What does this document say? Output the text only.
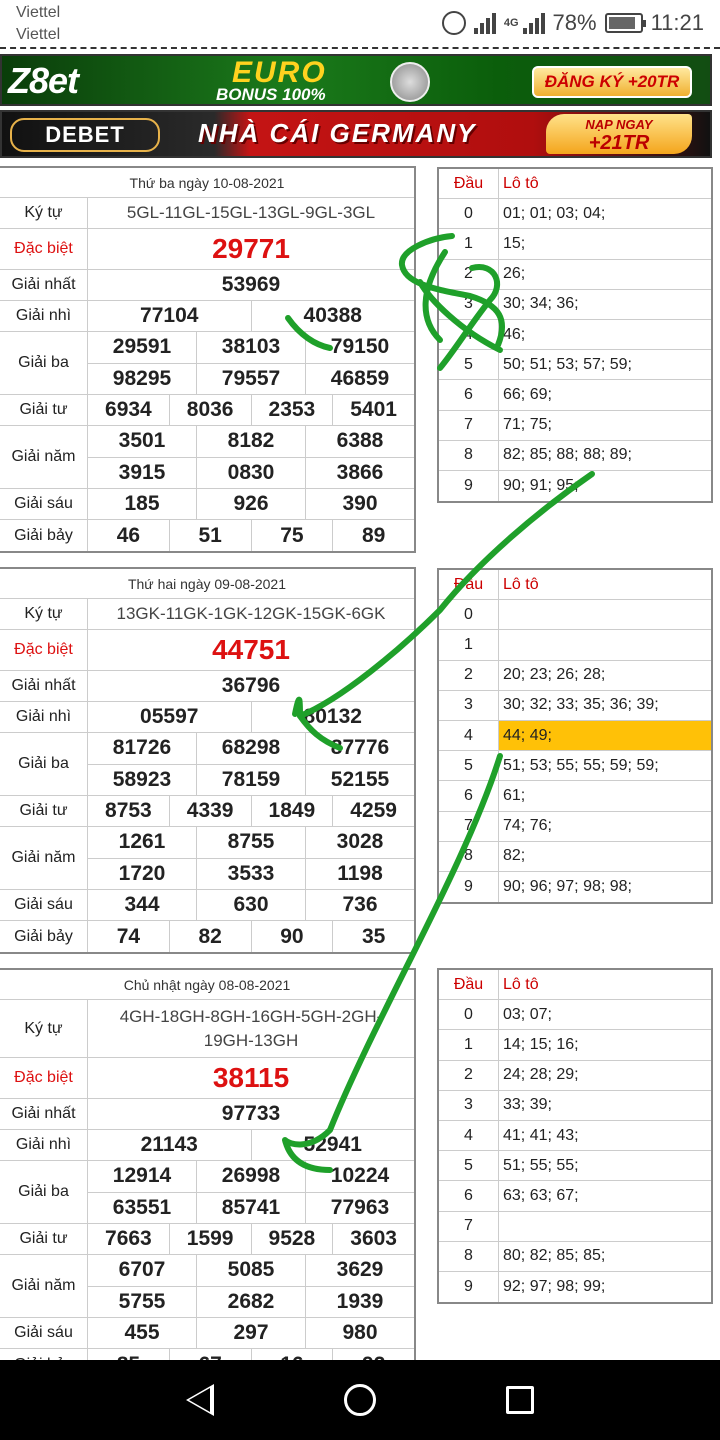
Viettel
Viettel
4G 78% 11:21
Z8et	EURO
BONUS 100%
ĐĂNG KÝ +20TR
DEBET	NHÀ CÁI GERMANY	NẠP NGAY
+21TR
Thứ ba ngày 10-08-2021
Ký tự	5GL-11GL-15GL-13GL-9GL-3GL
Đặc biệt	29771
Giải nhất	53969
Giải nhì	77104	40388
Giải ba
29591	38103	79150
98295	79557	46859
Giải tư	6934	8036	2353	5401
Giải năm
3501	8182	6388
3915	0830	3866
Giải sáu	185	926	390
Giải bảy	46	51	75	89
Đầu	Lô tô
0	01; 01; 03; 04;
1	15;
2	26;
3	30; 34; 36;
4	46;
5	50; 51; 53; 57; 59;
6	66; 69;
7	71; 75;
8	82; 85; 88; 88; 89;
9	90; 91; 95;
Thứ hai ngày 09-08-2021
Ký tự	13GK-11GK-1GK-12GK-15GK-6GK
Đặc biệt	44751
Giải nhất	36796
Giải nhì	05597	80132
Giải ba
81726	68298	87776
58923	78159	52155
Giải tư	8753	4339	1849	4259
Giải năm
1261	8755	3028
1720	3533	1198
Giải sáu	344	630	736
Giải bảy	74	82	90	35
Đầu	Lô tô
0
1
2	20; 23; 26; 28;
3	30; 32; 33; 35; 36; 39;
4	44; 49;
5	51; 53; 55; 55; 59; 59;
6	61;
7	74; 76;
8	82;
9	90; 96; 97; 98; 98;
Chủ nhật ngày 08-08-2021
Ký tự
4GH-18GH-8GH-16GH-5GH-2GH-19GH-13GH
Đặc biệt	38115
Giải nhất	97733
Giải nhì	21143	52941
Giải ba
12914	26998	10224
63551	85741	77963
Giải tư	7663	1599	9528	3603
Giải năm
6707	5085	3629
5755	2682	1939
Giải sáu	455	297	980
Đầu	Lô tô
0	03; 07;
1	14; 15; 16;
2	24; 28; 29;
3	33; 39;
4	41; 41; 43;
5	51; 55; 55;
6	63; 63; 67;
7
8	80; 82; 85; 85;
9	92; 97; 98; 99;
